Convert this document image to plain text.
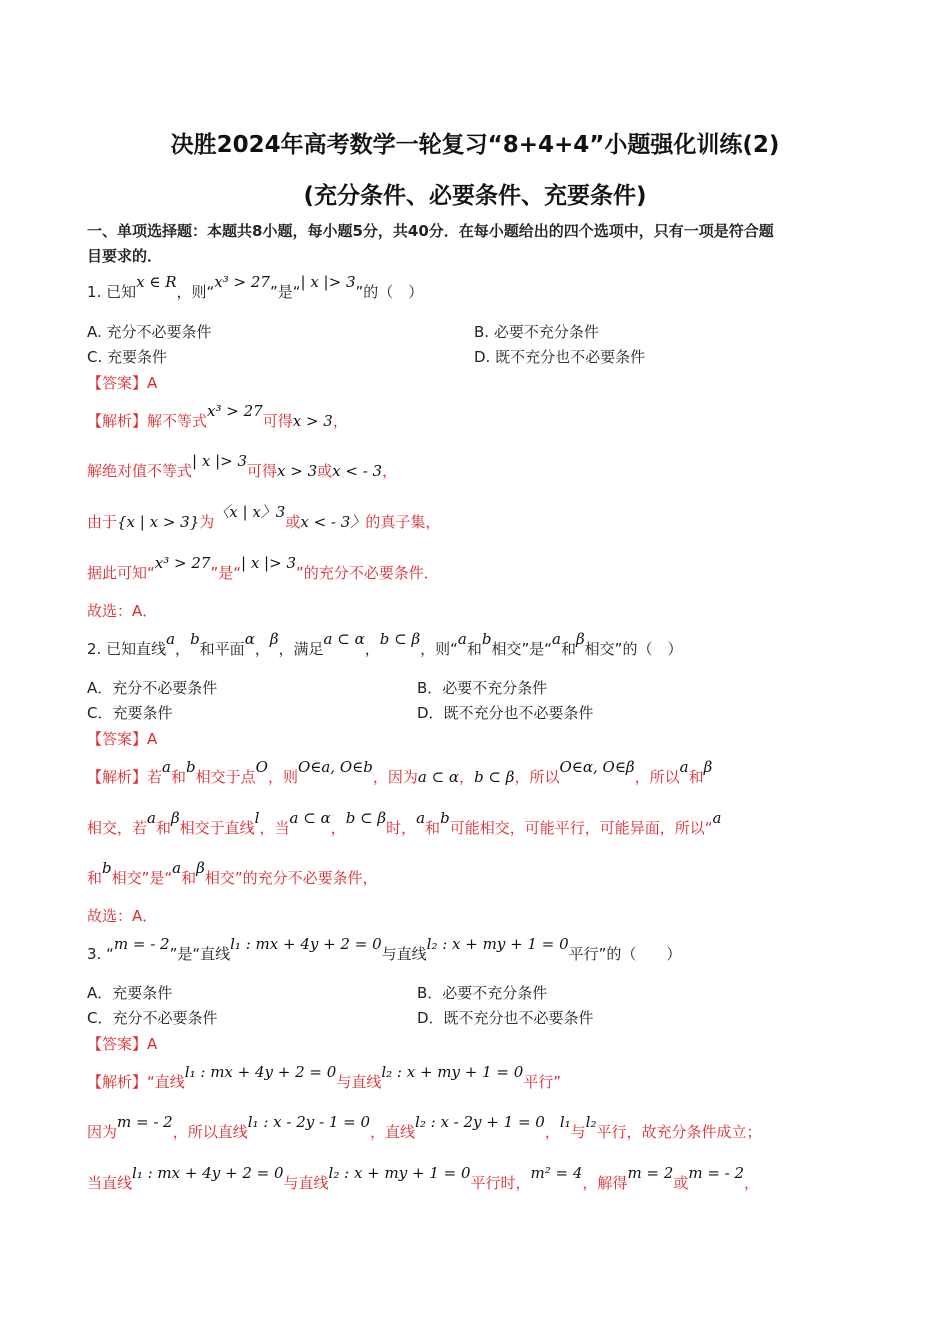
决胜2024年高考数学一轮复习“8+4+4”小题强化训练(2)
(充分条件、必要条件、充要条件)
一、单项选择题：本题共8小题，每小题5分，共40分．在每小题给出的四个选项中，只有一项是符合题
目要求的．
1. 已知x ∈ R，则“x³ > 27”是“| x |> 3”的（　）
A. 充分不必要条件	B. 必要不充分条件
C. 充要条件	D. 既不充分也不必要条件
【答案】A
【解析】解不等式x³ > 27可得x > 3，
解绝对值不等式| x |> 3可得x > 3或x < - 3，
由于{x | x > 3}为〈x | x〉3或x < - 3〉的真子集，
据此可知“x³ > 27”是“| x |> 3”的充分不必要条件．
故选：A．
2. 已知直线a，b和平面α，β，满足a ⊂ α，b ⊂ β，则“a和b相交”是“a和β相交”的（　）
A．充分不必要条件	B．必要不充分条件
C．充要条件	D．既不充分也不必要条件
【答案】A
【解析】若a和b相交于点O，则O∈a, O∈b，因为a ⊂ α，b ⊂ β，所以O∈α, O∈β，所以a和β
相交，若a和β相交于直线l，当a ⊂ α，b ⊂ β时，a和b可能相交，可能平行，可能异面，所以“a
和b相交”是“a和β相交”的充分不必要条件，
故选：A．
3. “m = - 2”是“直线l₁ : mx + 4y + 2 = 0与直线l₂ : x + my + 1 = 0平行”的（　　）
A．充要条件	B．必要不充分条件
C．充分不必要条件	D．既不充分也不必要条件
【答案】A
【解析】“直线l₁ : mx + 4y + 2 = 0与直线l₂ : x + my + 1 = 0平行”
因为m = - 2，所以直线l₁ : x - 2y - 1 = 0，直线l₂ : x - 2y + 1 = 0，l₁与l₂平行，故充分条件成立；
当直线l₁ : mx + 4y + 2 = 0与直线l₂ : x + my + 1 = 0平行时，m² = 4，解得m = 2或m = - 2，
